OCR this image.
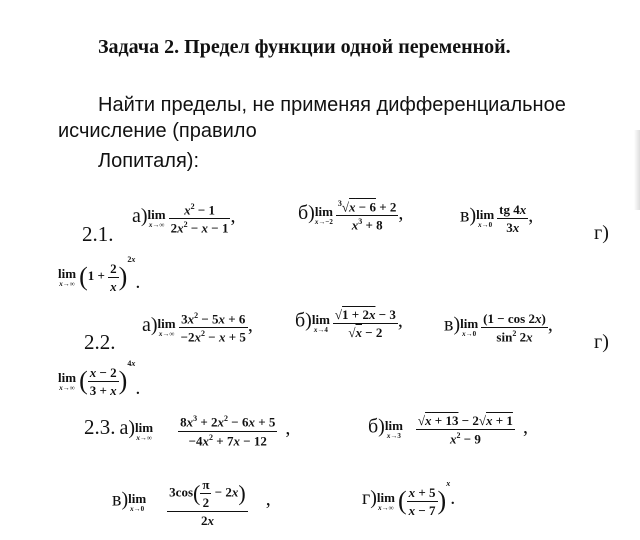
Задача 2. Предел функции одной переменной.
Найти пределы, не применяя дифференциальное
исчисление (правило
Лопиталя):
2.1.
а) lim
$x\to\infty \frac{x^2 - 1}{2x^2 - x - 1}$ ,	б) lim
$x\to-2 \frac{^3√x - 6 + 2}{x^3 + 8}$ ,	в) lim
$x\to 0 \frac{tg 4x}{3x}$ ,
г)
lim
x→∞ $(1 + \frac{2}{x} )^{2x}$.
2.2.
а) lim
$x\to\infty \frac{3x^2 - 5x + 6}{-2x^2 - x + 5}$ , б) lim
$x\to 4 \frac{√1 + 2x - 3}{√x - 2}$ , в) lim
$x\to 0 \frac{(1 - \cos 2x)}{\sin^2 2x}$ ,
г)
lim
x→∞ ( $\frac{x - 2}{3 + x} )^{4x}$.
2.3. а) lim
$x\to\infty \frac{8x^3 + 2x^2 - 6x + 5}{-4x^2 + 7x - 12}$ ,	б) lim
$x\to 3 \frac{√x + 13 - 2√x + 1}{x^2 - 9}$ ,
в) lim
$x\to 0 \frac{3\cos( \frac{\pi}{2} - 2x)}{2x}$ ,	г) lim
x→∞ ( $\frac{x + 5}{x - 7} )^x$.
